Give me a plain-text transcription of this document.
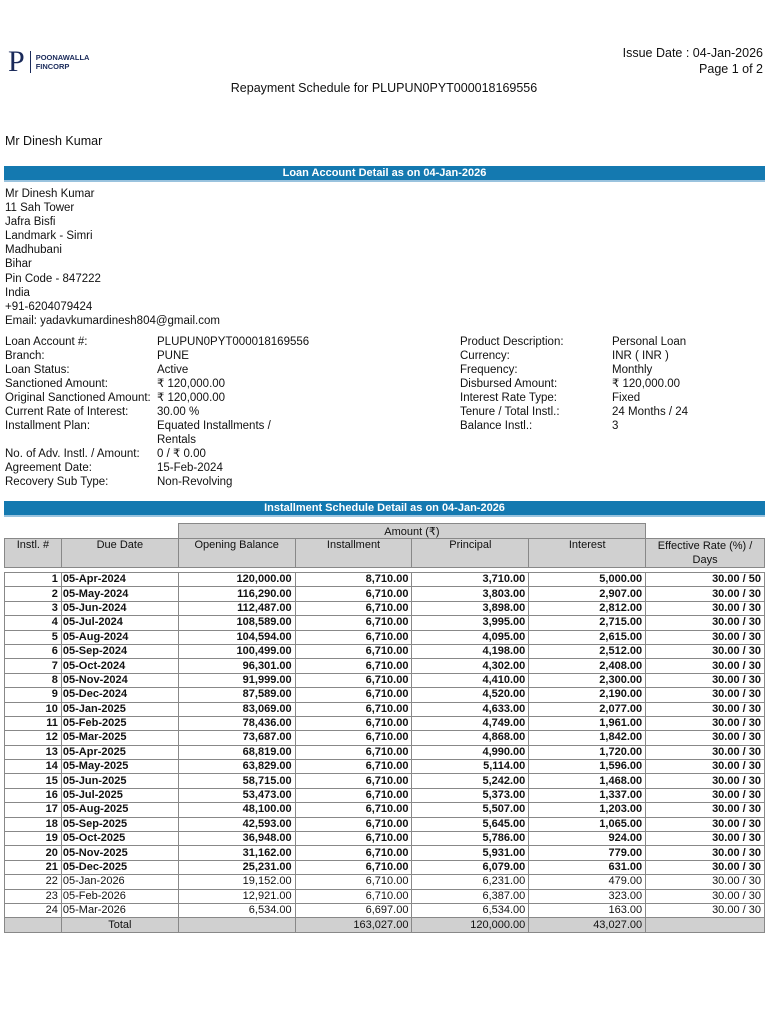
P POONAWALLA
FINCORP
Issue Date : 04-Jan-2026
Page 1 of 2
Repayment Schedule for PLUPUN0PYT000018169556
Mr Dinesh Kumar
Loan Account Detail as on 04-Jan-2026
Mr Dinesh Kumar
11 Sah Tower
Jafra Bisfi
Landmark - Simri
Madhubani
Bihar
Pin Code - 847222
India
+91-6204079424
Email: yadavkumardinesh804@gmail.com
Loan Account #:	PLUPUN0PYT000018169556
Branch:	PUNE
Loan Status:	Active
Sanctioned Amount:	₹ 120,000.00
Original Sanctioned Amount: ₹ 120,000.00
Current Rate of Interest:	30.00 %
Installment Plan:	Equated Installments /
Rentals
No. of Adv. Instl. / Amount:	0 / ₹ 0.00
Agreement Date:	15-Feb-2024
Recovery Sub Type:	Non-Revolving
Product Description:	Personal Loan
Currency:	INR ( INR )
Frequency:	Monthly
Disbursed Amount:	₹ 120,000.00
Interest Rate Type:	Fixed
Tenure / Total Instl.:	24 Months / 24
Balance Instl.:	3
Installment Schedule Detail as on 04-Jan-2026
		Amount (₹)				
Instl. #	Due Date	Opening Balance	Installment	Principal	Interest	Effective Rate (%) / Days

1	05-Apr-2024	120,000.00	8,710.00	3,710.00	5,000.00	30.00 / 50
2	05-May-2024	116,290.00	6,710.00	3,803.00	2,907.00	30.00 / 30
3	05-Jun-2024	112,487.00	6,710.00	3,898.00	2,812.00	30.00 / 30
4	05-Jul-2024	108,589.00	6,710.00	3,995.00	2,715.00	30.00 / 30
5	05-Aug-2024	104,594.00	6,710.00	4,095.00	2,615.00	30.00 / 30
6	05-Sep-2024	100,499.00	6,710.00	4,198.00	2,512.00	30.00 / 30
7	05-Oct-2024	96,301.00	6,710.00	4,302.00	2,408.00	30.00 / 30
8	05-Nov-2024	91,999.00	6,710.00	4,410.00	2,300.00	30.00 / 30
9	05-Dec-2024	87,589.00	6,710.00	4,520.00	2,190.00	30.00 / 30
10	05-Jan-2025	83,069.00	6,710.00	4,633.00	2,077.00	30.00 / 30
11	05-Feb-2025	78,436.00	6,710.00	4,749.00	1,961.00	30.00 / 30
12	05-Mar-2025	73,687.00	6,710.00	4,868.00	1,842.00	30.00 / 30
13	05-Apr-2025	68,819.00	6,710.00	4,990.00	1,720.00	30.00 / 30
14	05-May-2025	63,829.00	6,710.00	5,114.00	1,596.00	30.00 / 30
15	05-Jun-2025	58,715.00	6,710.00	5,242.00	1,468.00	30.00 / 30
16	05-Jul-2025	53,473.00	6,710.00	5,373.00	1,337.00	30.00 / 30
17	05-Aug-2025	48,100.00	6,710.00	5,507.00	1,203.00	30.00 / 30
18	05-Sep-2025	42,593.00	6,710.00	5,645.00	1,065.00	30.00 / 30
19	05-Oct-2025	36,948.00	6,710.00	5,786.00	924.00	30.00 / 30
20	05-Nov-2025	31,162.00	6,710.00	5,931.00	779.00	30.00 / 30
21	05-Dec-2025	25,231.00	6,710.00	6,079.00	631.00	30.00 / 30
22	05-Jan-2026	19,152.00	6,710.00	6,231.00	479.00	30.00 / 30
23	05-Feb-2026	12,921.00	6,710.00	6,387.00	323.00	30.00 / 30
24	05-Mar-2026	6,534.00	6,697.00	6,534.00	163.00	30.00 / 30
	Total		163,027.00	120,000.00	43,027.00	
